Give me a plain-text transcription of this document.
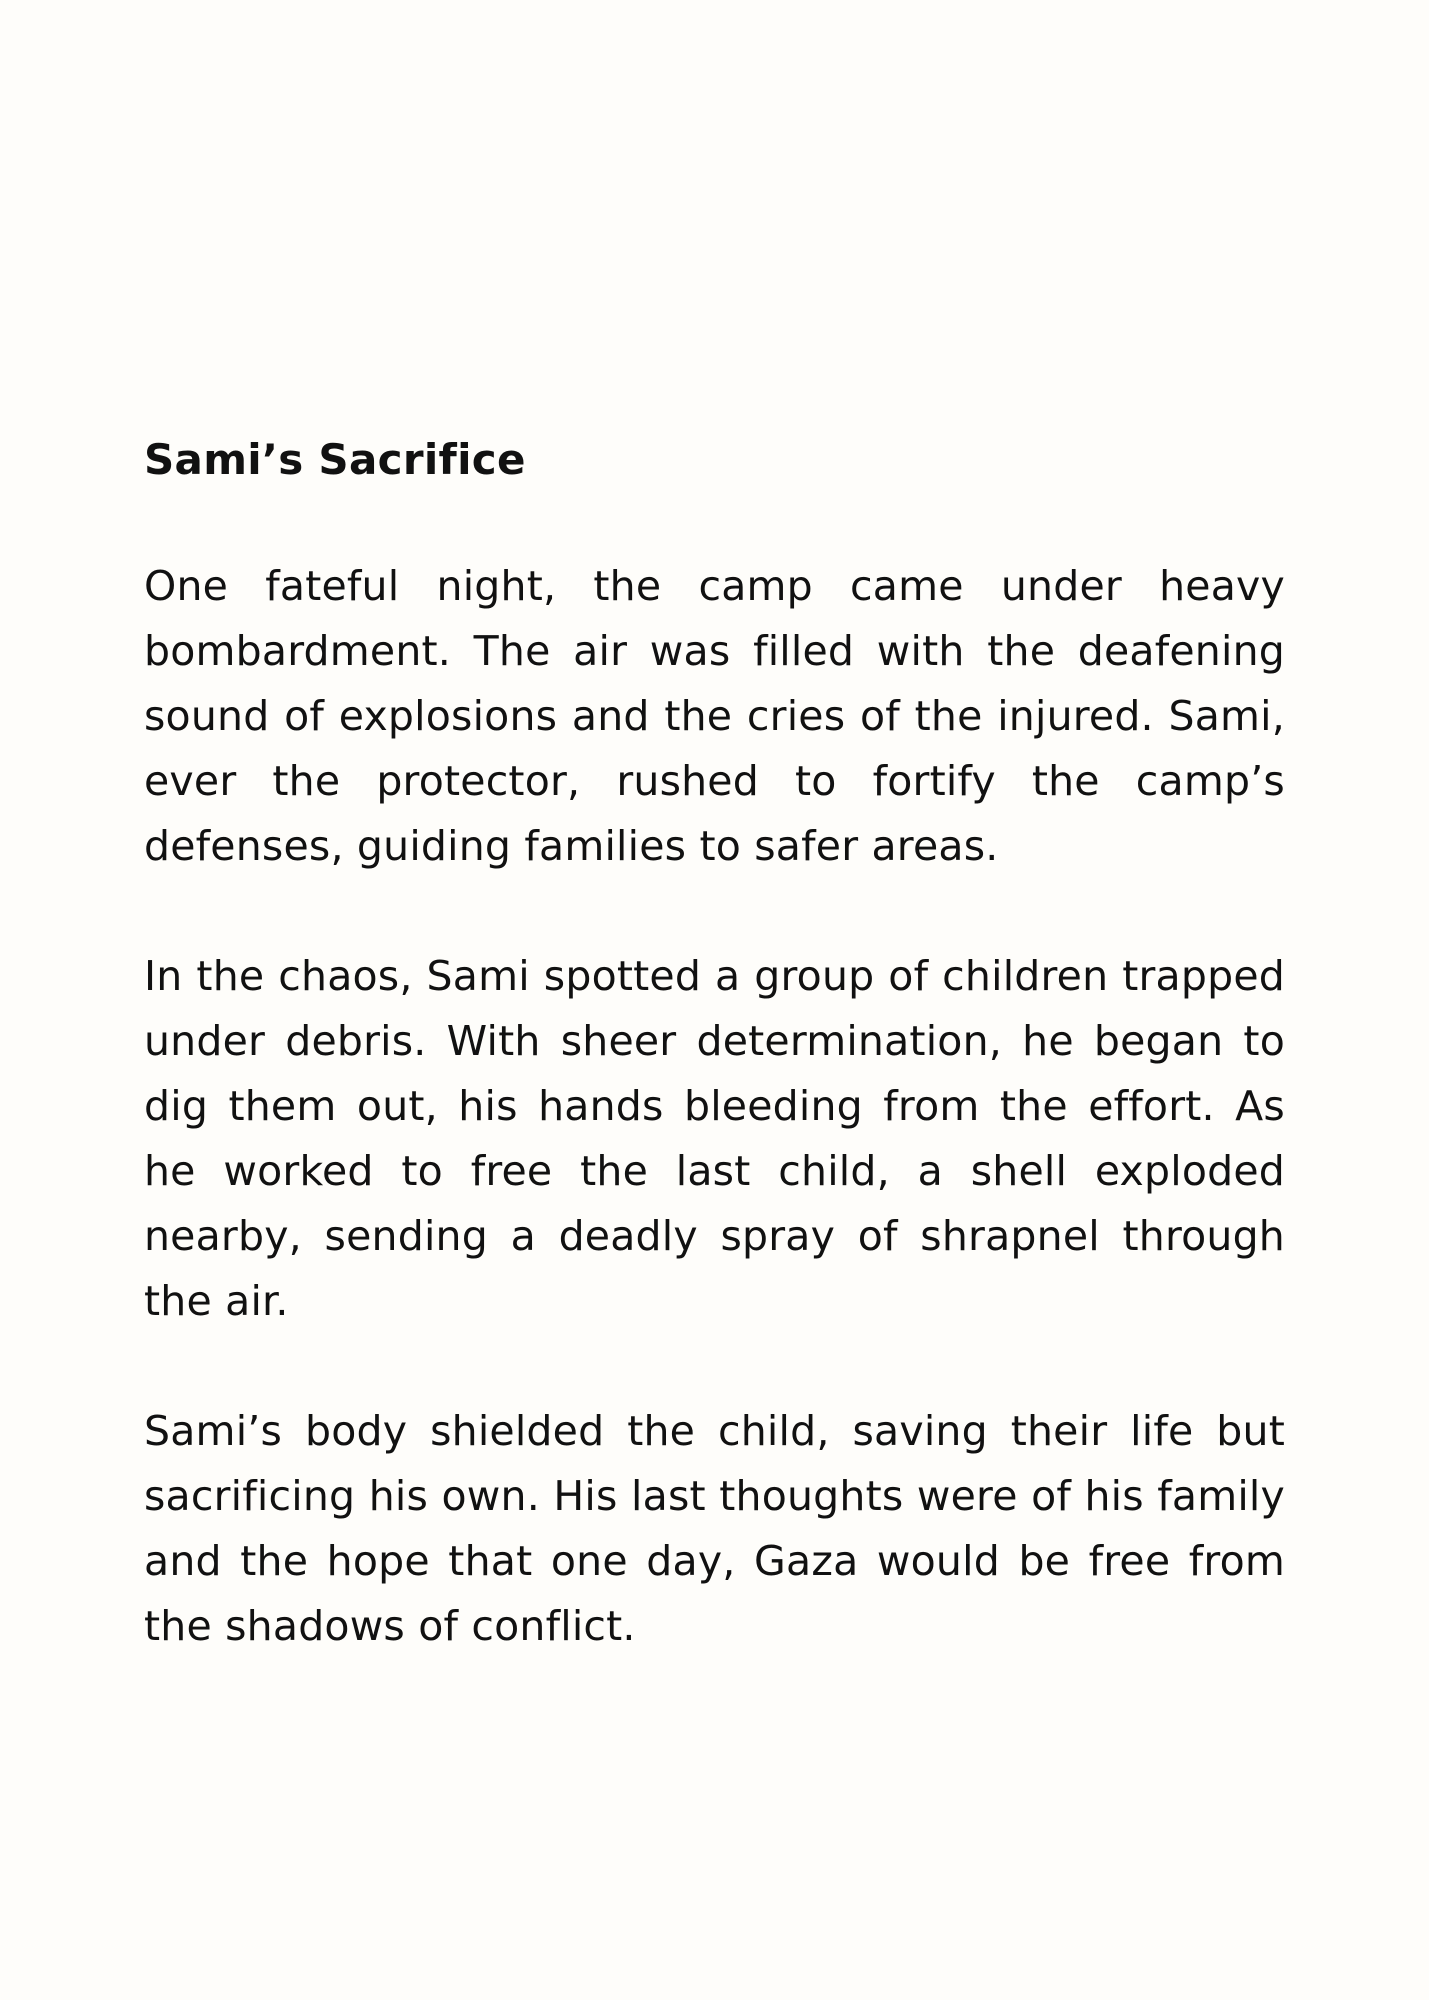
Sami’s Sacrifice

One fateful night, the camp came under heavy bombardment. The air was filled with the deafening sound of explosions and the cries of the injured. Sami, ever the protector, rushed to fortify the camp’s defenses, guiding families to safer areas.

In the chaos, Sami spotted a group of children trapped under debris. With sheer determination, he began to dig them out, his hands bleeding from the effort. As he worked to free the last child, a shell exploded nearby, sending a deadly spray of shrapnel through the air.

Sami’s body shielded the child, saving their life but sacrificing his own. His last thoughts were of his family and the hope that one day, Gaza would be free from the shadows of conflict.
